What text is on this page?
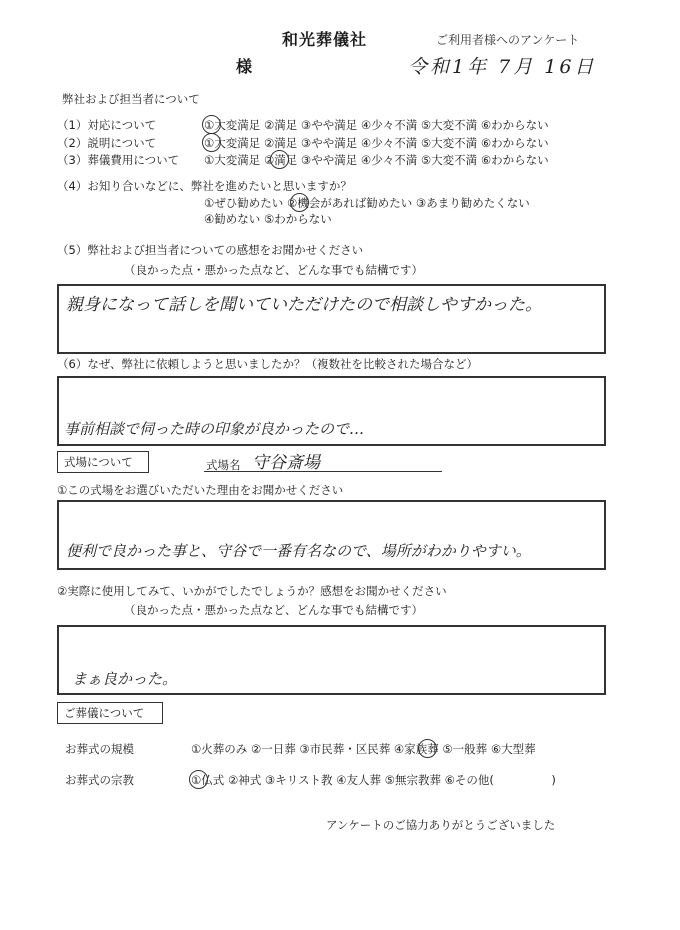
和光葬儀社	ご利用者様へのアンケート
様	令和1年 7月 16日
弊社および担当者について
（1）対応について	①大変満足 ②満足 ③やや満足 ④少々不満 ⑤大変不満 ⑥わからない
（2）説明について	①大変満足 ②満足 ③やや満足 ④少々不満 ⑤大変不満 ⑥わからない
（3）葬儀費用について ①大変満足 ②満足 ③やや満足 ④少々不満 ⑤大変不満 ⑥わからない
（4）お知り合いなどに、弊社を進めたいと思いますか？
①ぜひ勧めたい ②機会があれば勧めたい ③あまり勧めたくない
④勧めない ⑤わからない
（5）弊社および担当者についての感想をお聞かせください
（良かった点・悪かった点など、どんな事でも結構です）
親身になって話しを聞いていただけたので相談しやすかった。
（6）なぜ、弊社に依頼しようと思いましたか？（複数社を比較された場合など）
事前相談で伺った時の印象が良かったので…
式場について	式場名 守谷斎場
①この式場をお選びいただいた理由をお聞かせください
便利で良かった事と、守谷で一番有名なので、場所がわかりやすい。
②実際に使用してみて、いかがでしたでしょうか？感想をお聞かせください
（良かった点・悪かった点など、どんな事でも結構です）
まぁ良かった。
ご葬儀について
お葬式の規模	①火葬のみ ②一日葬 ③市民葬・区民葬 ④家族葬 ⑤一般葬 ⑥大型葬
お葬式の宗教	①仏式 ②神式 ③キリスト教 ④友人葬 ⑤無宗教葬 ⑥その他(　　　　　)
アンケートのご協力ありがとうございました
